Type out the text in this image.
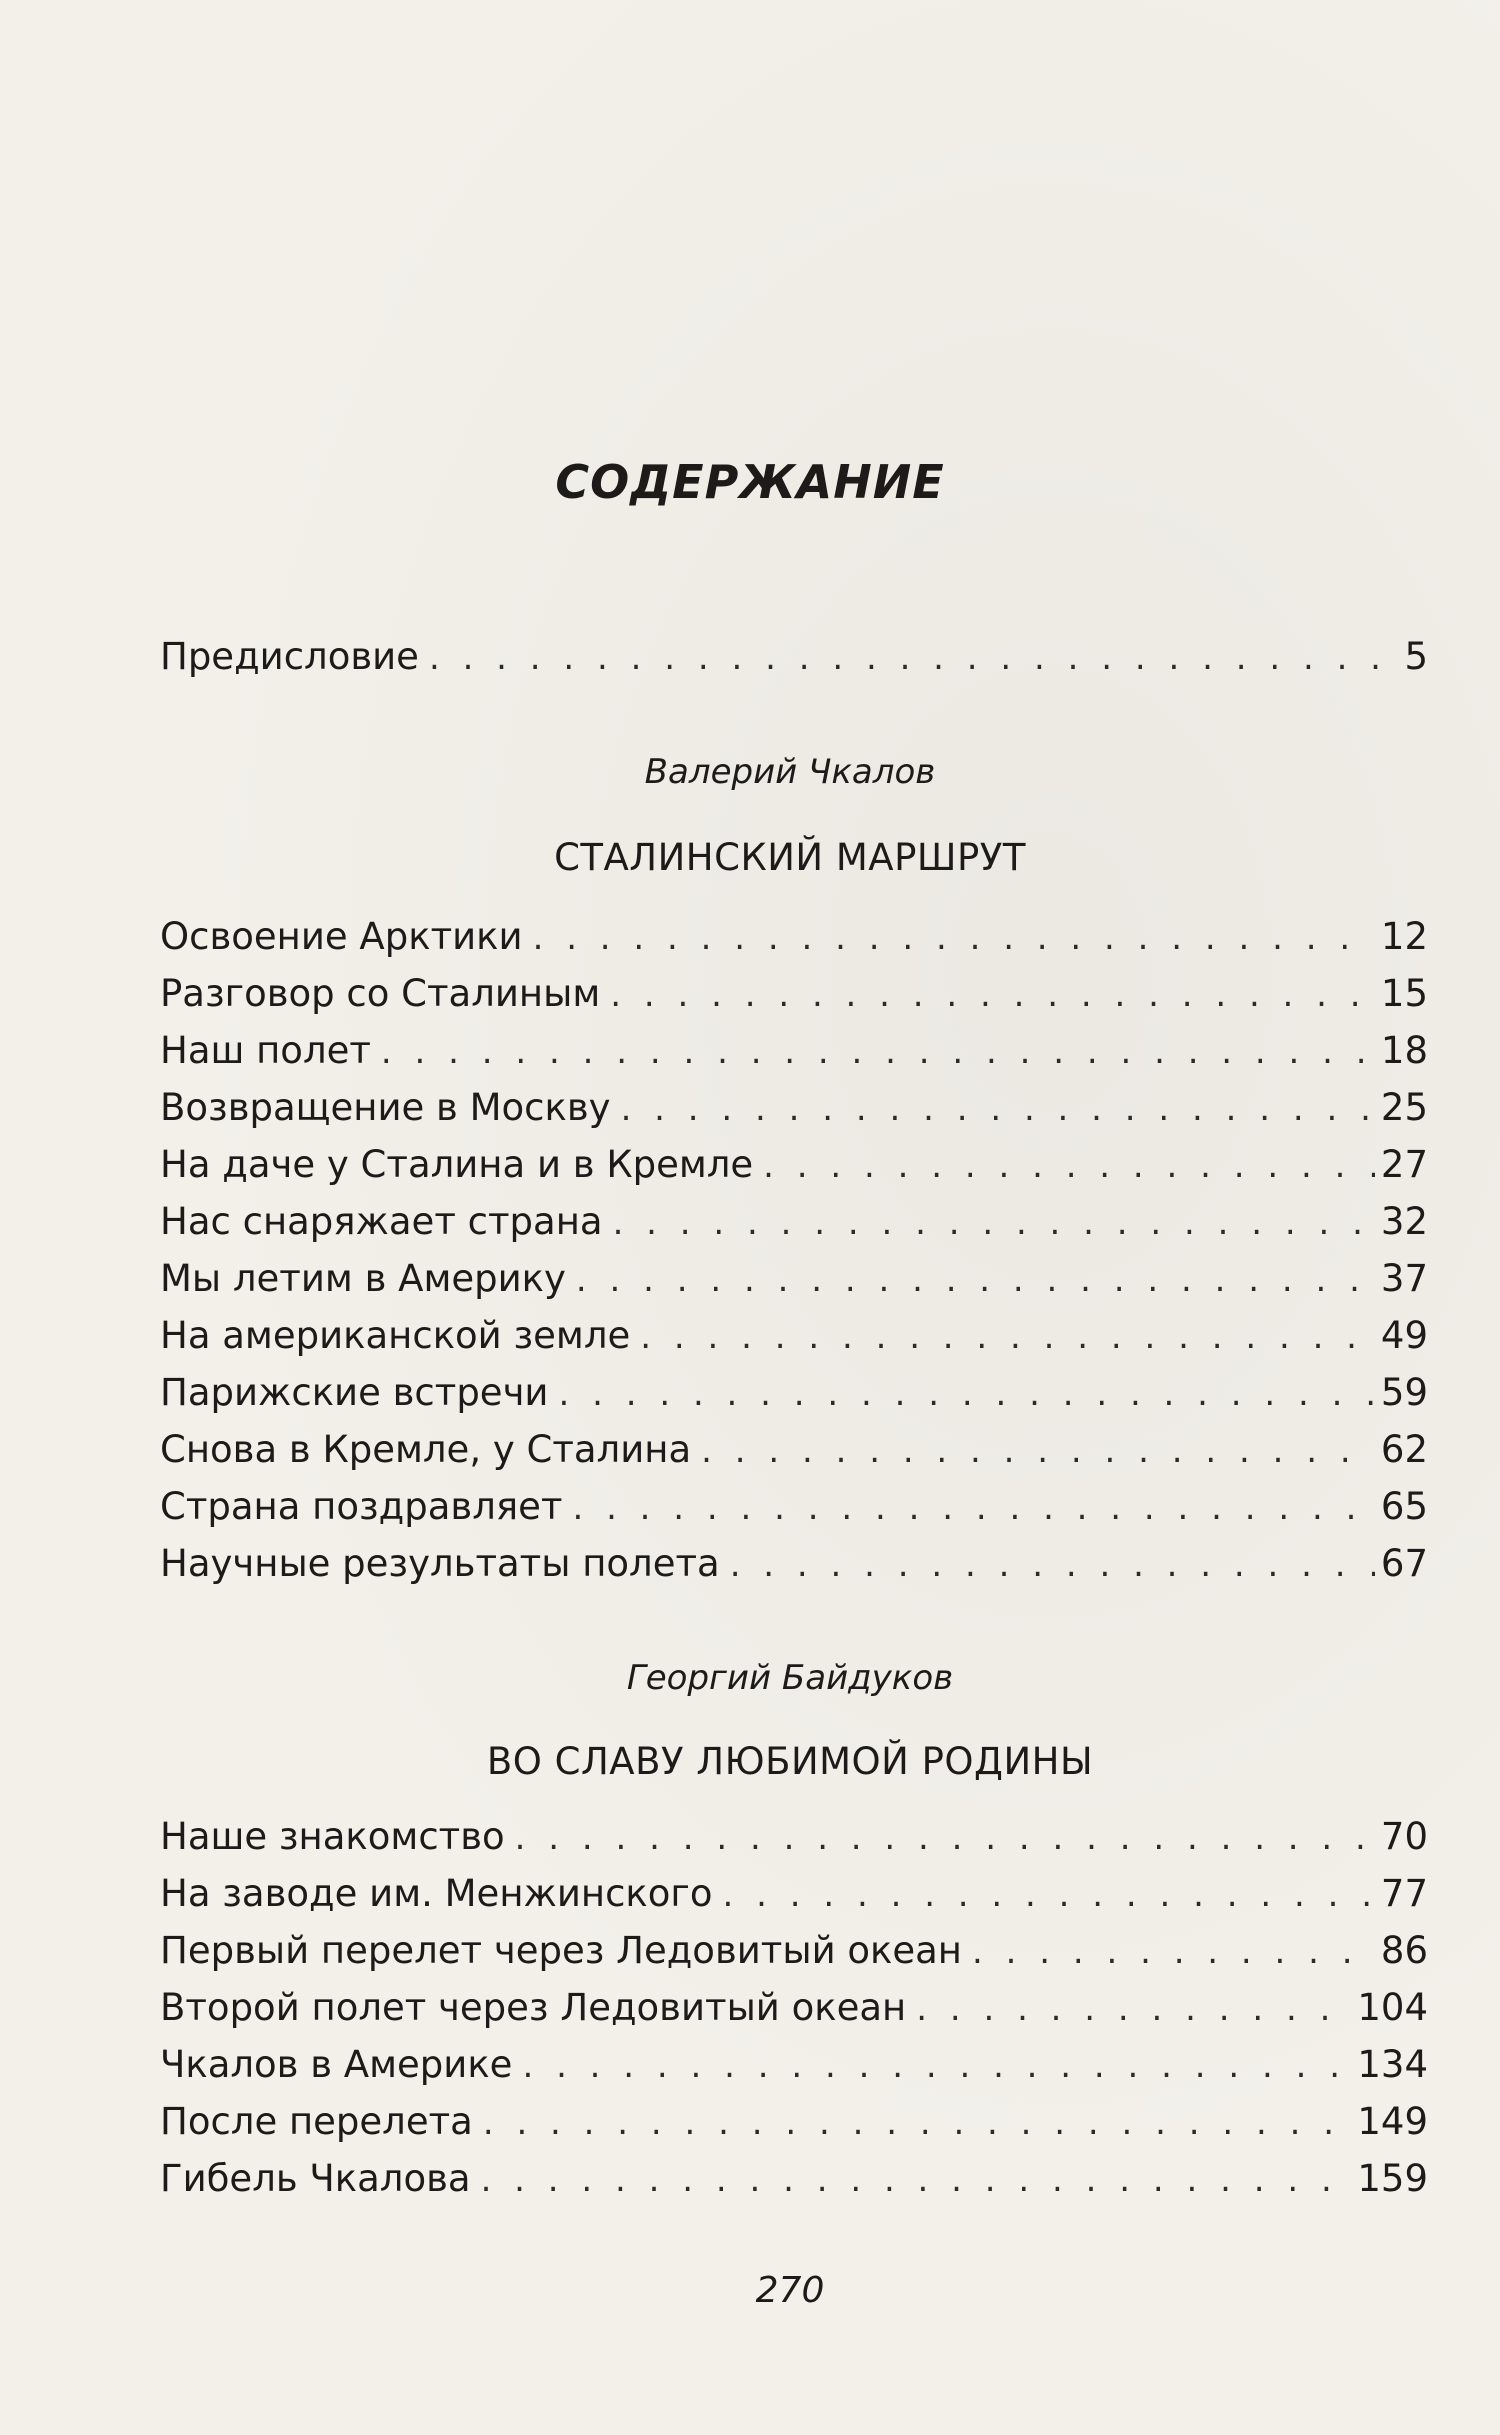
СОДЕРЖАНИЕ
Предисловие . . .	5
Валерий Чкалов
СТАЛИНСКИЙ МАРШРУТ
Освоение Арктики . . .	12
Разговор со Сталиным . . .	15
Наш полет . . .	18
Возвращение в Москву . . .	25
На даче у Сталина и в Кремле . . .	27
Нас снаряжает страна . . .	32
Мы летим в Америку . . .	37
На американской земле . . .	49
Парижские встречи . . .	59
Снова в Кремле, у Сталина . . .	62
Страна поздравляет . . .	65
Научные результаты полета . . .	67
Георгий Байдуков
ВО СЛАВУ ЛЮБИМОЙ РОДИНЫ
Наше знакомство . . .	70
На заводе им. Менжинского . . .	77
Первый перелет через Ледовитый океан . . .	86
Второй полет через Ледовитый океан . . .	104
Чкалов в Америке . . .	134
После перелета . . .	149
Гибель Чкалова . . .	159
270
